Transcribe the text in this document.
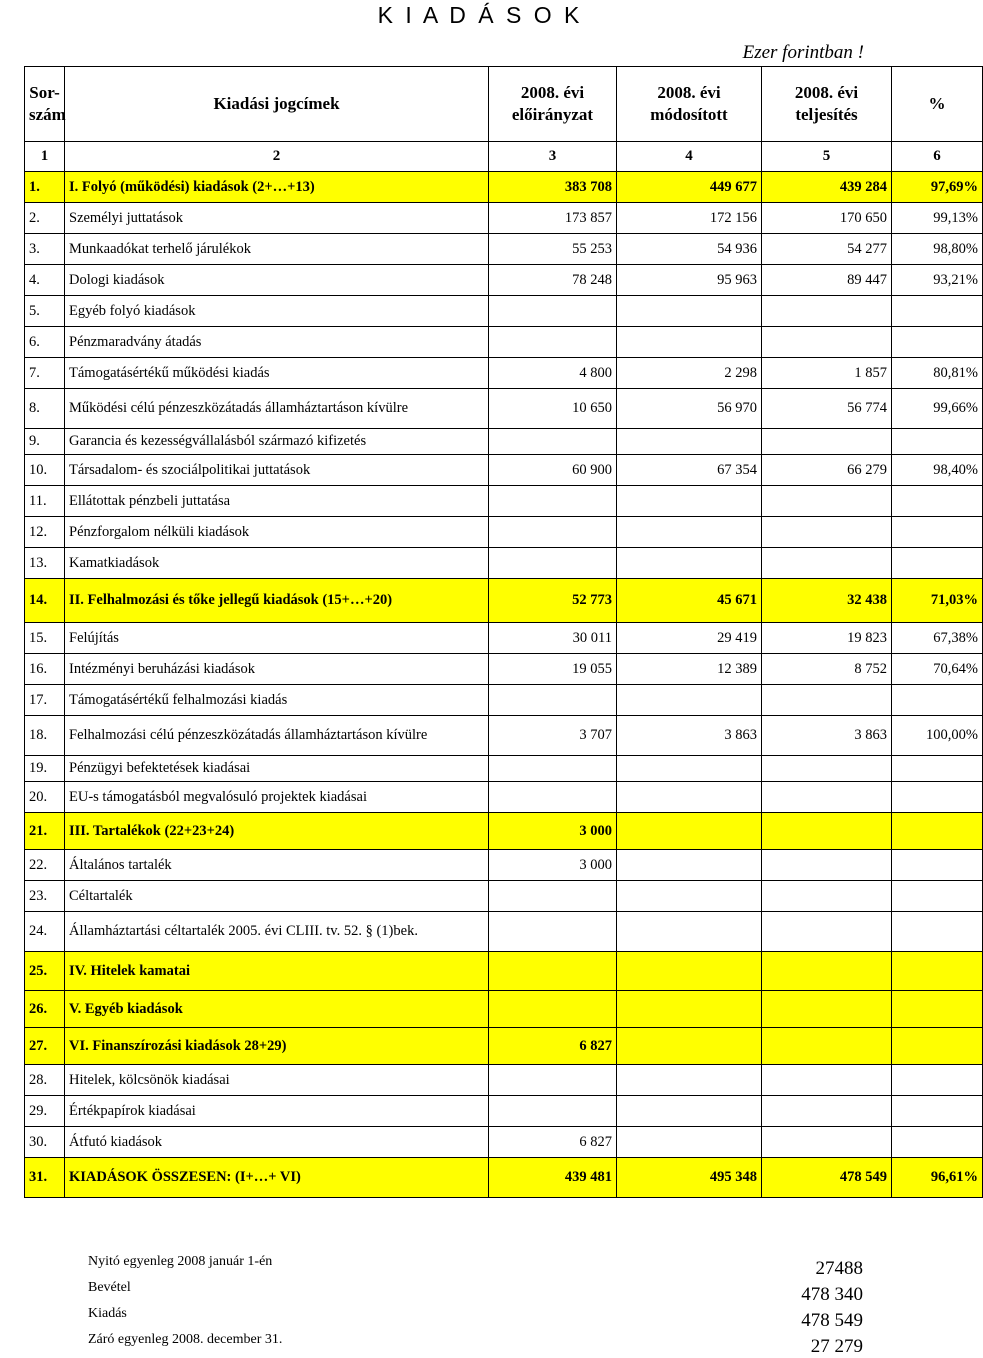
K I A D Á S O K
Ezer forintban !
Sor-szám	Kiadási jogcímek	2008. évi előirányzat	2008. évi módosított	2008. évi teljesítés	%
1	2	3	4	5	6
1.	I. Folyó (működési) kiadások (2+…+13)	383 708	449 677	439 284	97,69%
2.	Személyi juttatások	173 857	172 156	170 650	99,13%
3.	Munkaadókat terhelő járulékok	55 253	54 936	54 277	98,80%
4.	Dologi kiadások	78 248	95 963	89 447	93,21%
5.	Egyéb folyó kiadások				
6.	Pénzmaradvány átadás				
7.	Támogatásértékű működési kiadás	4 800	2 298	1 857	80,81%
8.	Működési célú pénzeszközátadás államháztartáson kívülre	10 650	56 970	56 774	99,66%
9.	Garancia és kezességvállalásból származó kifizetés				
10.	Társadalom- és szociálpolitikai juttatások	60 900	67 354	66 279	98,40%
11.	Ellátottak pénzbeli juttatása				
12.	Pénzforgalom nélküli kiadások				
13.	Kamatkiadások				
14.	II. Felhalmozási és tőke jellegű kiadások (15+…+20)	52 773	45 671	32 438	71,03%
15.	Felújítás	30 011	29 419	19 823	67,38%
16.	Intézményi beruházási kiadások	19 055	12 389	8 752	70,64%
17.	Támogatásértékű felhalmozási kiadás				
18.	Felhalmozási célú pénzeszközátadás államháztartáson kívülre	3 707	3 863	3 863	100,00%
19.	Pénzügyi befektetések kiadásai				
20.	EU-s támogatásból megvalósuló projektek kiadásai				
21.	III. Tartalékok (22+23+24)	3 000			
22.	Általános tartalék	3 000			
23.	Céltartalék				
24.	Államháztartási céltartalék 2005. évi CLIII. tv. 52. § (1)bek.				
25.	IV. Hitelek kamatai				
26.	V. Egyéb kiadások				
27.	VI. Finanszírozási kiadások 28+29)	6 827			
28.	Hitelek, kölcsönök kiadásai				
29.	Értékpapírok kiadásai				
30.	Átfutó kiadások	6 827			
31.	KIADÁSOK ÖSSZESEN: (I+…+ VI)	439 481	495 348	478 549	96,61%
Nyitó egyenleg 2008 január 1-én	27488
Bevétel	478 340
Kiadás	478 549
Záró egyenleg 2008. december 31.	27 279
